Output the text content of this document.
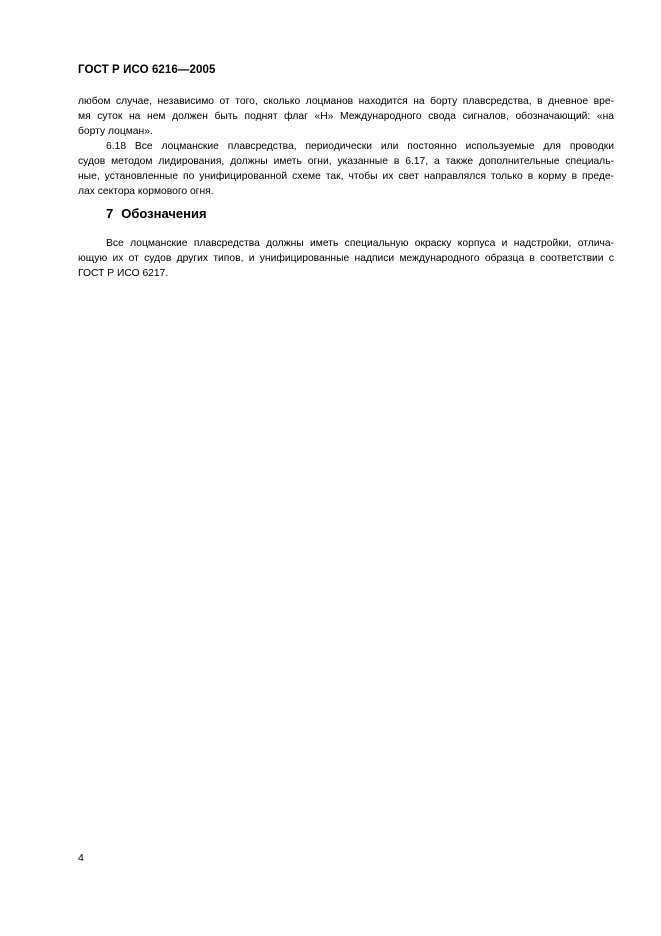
ГОСТ Р ИСО 6216—2005
любом случае, независимо от того, сколько лоцманов находится на борту плавсредства, в дневное вре-
мя суток на нем должен быть поднят флаг «Н» Международного свода сигналов, обозначающий: «на
борту лоцман».
6.18 Все лоцманские плавсредства, периодически или постоянно используемые для проводки
судов методом лидирования, должны иметь огни, указанные в 6.17, а также дополнительные специаль-
ные, установленные по унифицированной схеме так, чтобы их свет направлялся только в корму в преде-
лах сектора кормового огня.
7 Обозначения
Все лоцманские плавсредства должны иметь специальную окраску корпуса и надстройки, отлича-
ющую их от судов других типов, и унифицированные надписи международного образца в соответствии с
ГОСТ Р ИСО 6217.
4
